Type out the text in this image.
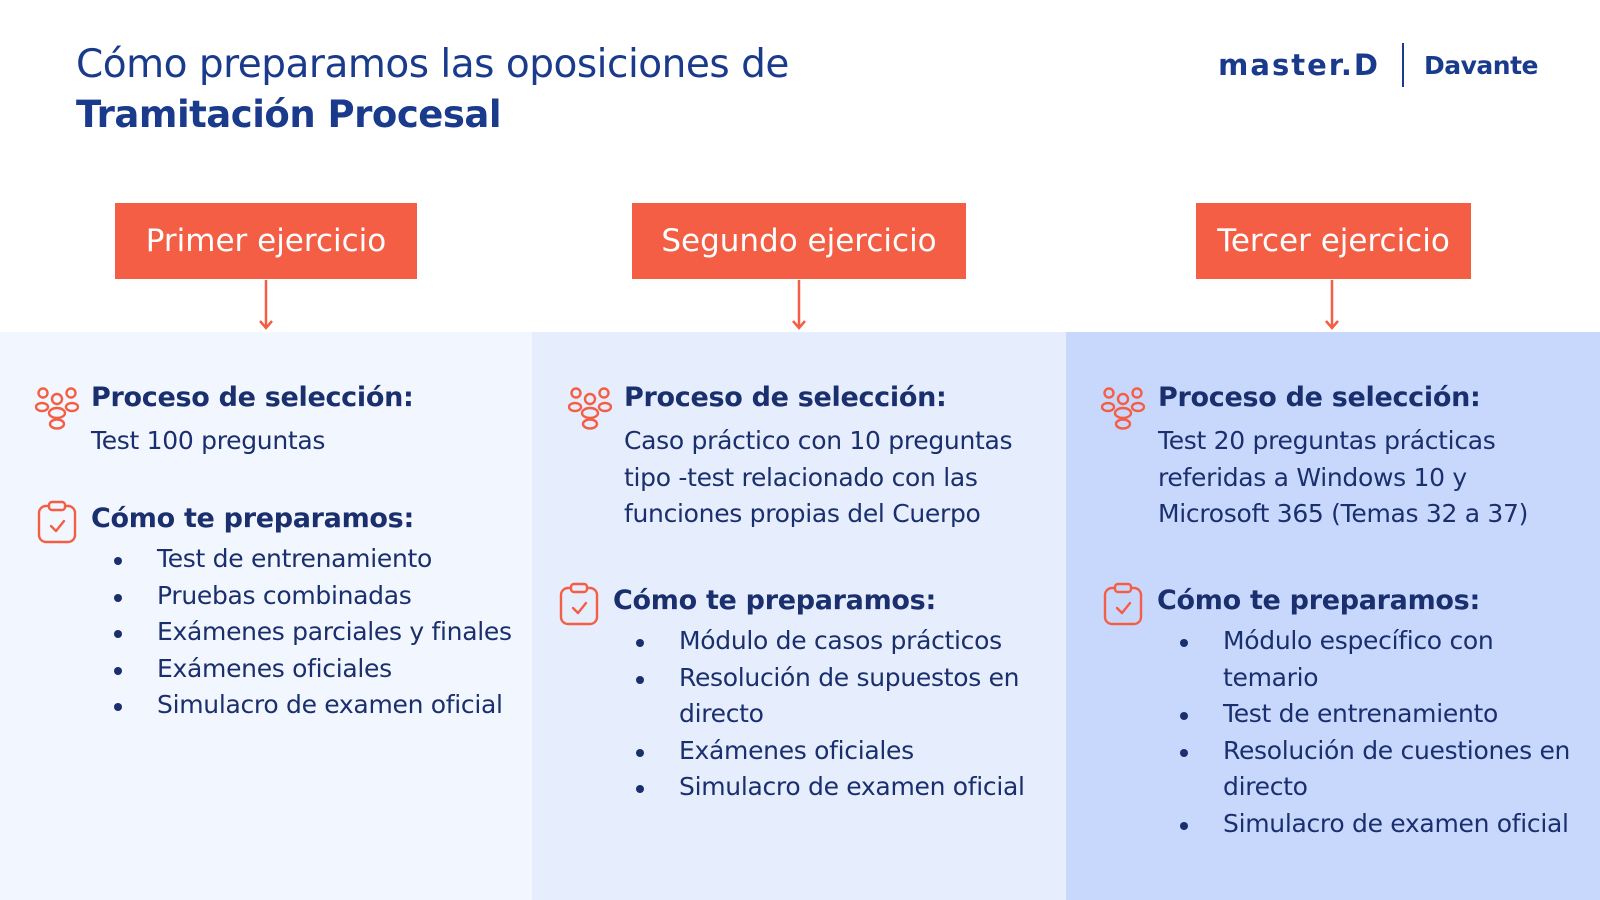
Cómo preparamos las oposiciones de
Tramitación Procesal
master.D Davante
Primer ejercicio	Segundo ejercicio	Tercer ejercicio
Proceso de selección:
Test 100 preguntas
Cómo te preparamos:
Test de entrenamiento
Pruebas combinadas
Exámenes parciales y finales
Exámenes oficiales
Simulacro de examen oficial
Proceso de selección:
Caso práctico con 10 preguntas
tipo -test relacionado con las
funciones propias del Cuerpo
Cómo te preparamos:
Módulo de casos prácticos
Resolución de supuestos en
directo
Exámenes oficiales
Simulacro de examen oficial
Proceso de selección:
Test 20 preguntas prácticas
referidas a Windows 10 y
Microsoft 365 (Temas 32 a 37)
Cómo te preparamos:
Módulo específico con
temario
Test de entrenamiento
Resolución de cuestiones en
directo
Simulacro de examen oficial
